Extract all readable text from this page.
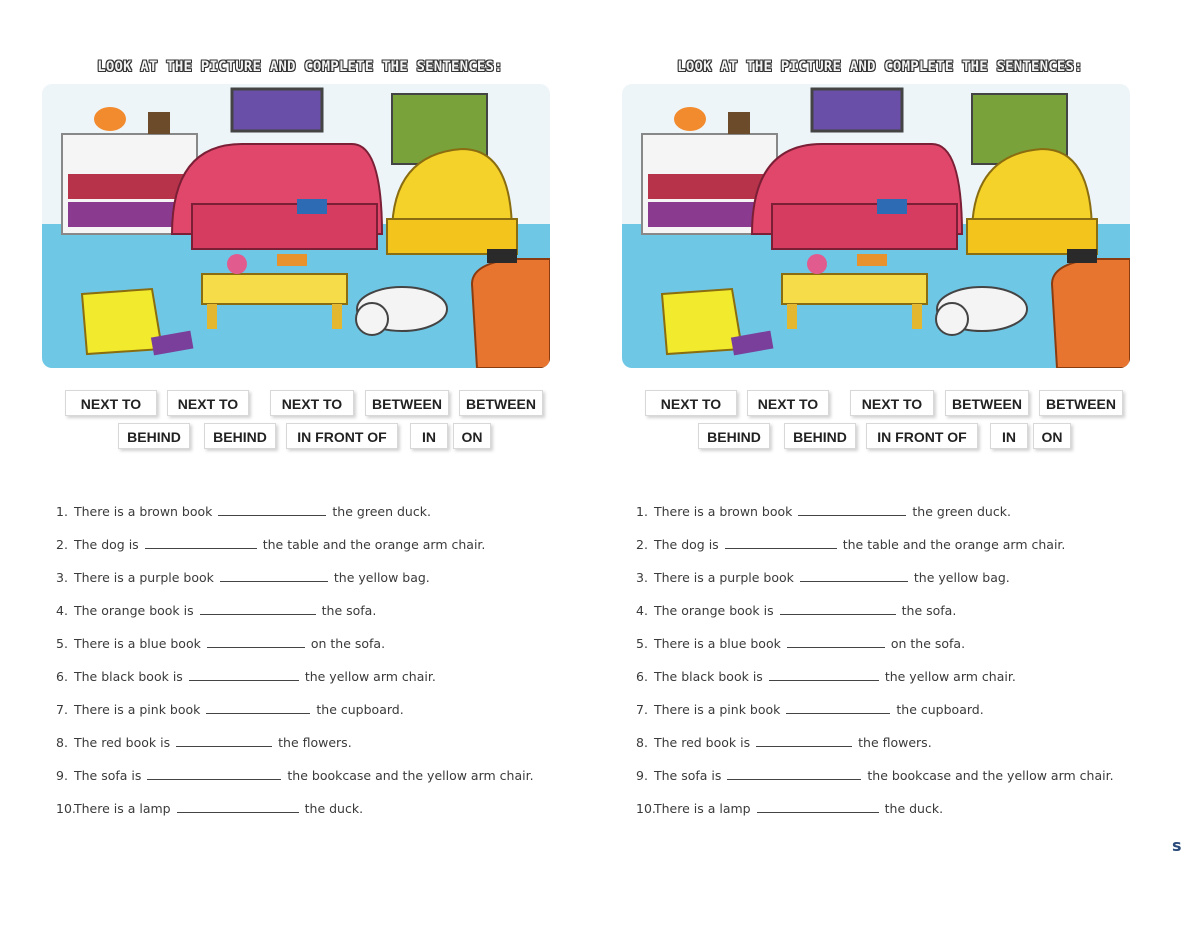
LOOK AT THE PICTURE AND COMPLETE THE SENTENCES:
NEXT TO	NEXT TO	NEXT TO	BETWEEN	BETWEEN
BEHIND	BEHIND	IN FRONT OF	IN	ON
1. There is a brown book	the green duck.
2. The dog is	the table and the orange arm chair.
3. There is a purple book	the yellow bag.
4. The orange book is	the sofa.
5. There is a blue book	on the sofa.
6. The black book is	the yellow arm chair.
7. There is a pink book	the cupboard.
8. The red book is	the flowers.
9. The sofa is	the bookcase and the yellow arm chair.
10.There is a lamp	the duck.
LOOK AT THE PICTURE AND COMPLETE THE SENTENCES:
NEXT TO	NEXT TO	NEXT TO	BETWEEN	BETWEEN
BEHIND	BEHIND	IN FRONT OF	IN	ON
1. There is a brown book	the green duck.
2. The dog is	the table and the orange arm chair.
3. There is a purple book	the yellow bag.
4. The orange book is	the sofa.
5. There is a blue book	on the sofa.
6. The black book is	the yellow arm chair.
7. There is a pink book	the cupboard.
8. The red book is	the flowers.
9. The sofa is	the bookcase and the yellow arm chair.
10.There is a lamp	the duck.
s
